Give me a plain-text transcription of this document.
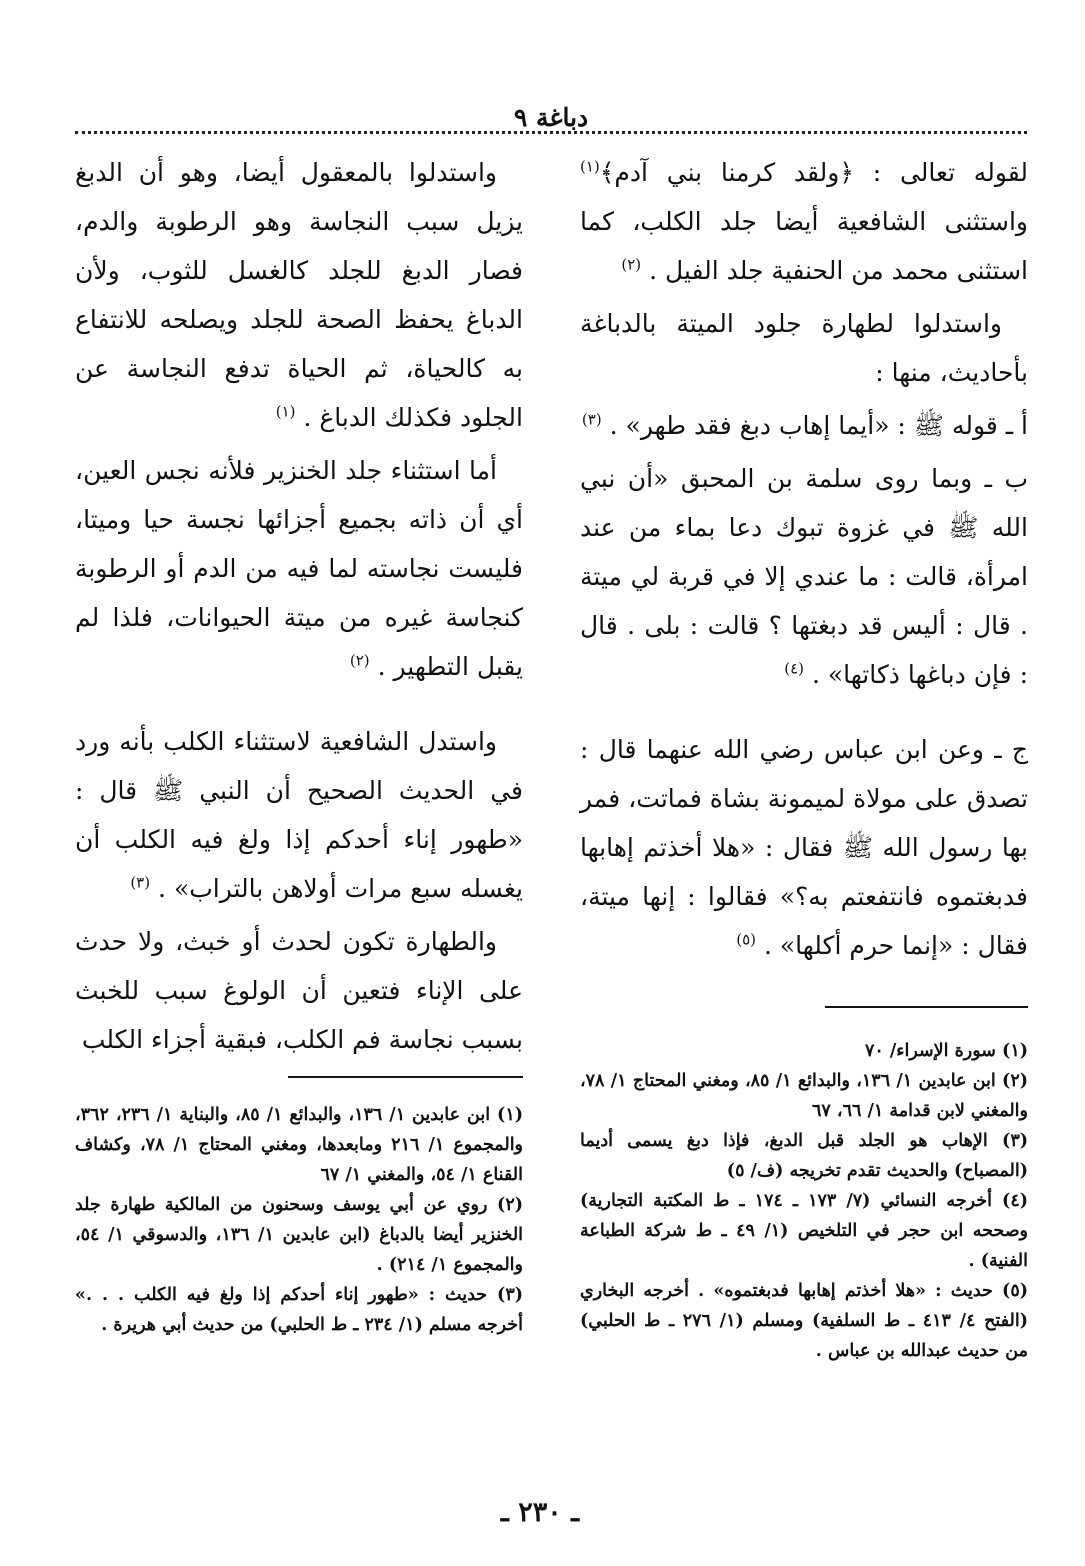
دباغة ٩

لقوله تعالى : ﴿ولقد كرمنا بني آدم﴾$^{(١)}$ واستثنى الشافعية أيضا جلد الكلب، كما استثنى محمد من الحنفية جلد الفيل . $^{(٢)}$

واستدلوا لطهارة جلود الميتة بالدباغة بأحاديث، منها :

أ ـ قوله ﷺ : «أيما إهاب دبغ فقد طهر» . $^{(٣)}$

ب ـ وبما روى سلمة بن المحبق «أن نبي الله ﷺ في غزوة تبوك دعا بماء من عند امرأة، قالت : ما عندي إلا في قربة لي ميتة . قال : أليس قد دبغتها ؟ قالت : بلى . قال : فإن دباغها ذكاتها» . $^{(٤)}$

ج ـ وعن ابن عباس رضي الله عنهما قال : تصدق على مولاة لميمونة بشاة فماتت، فمر بها رسول الله ﷺ فقال : «هلا أخذتم إهابها فدبغتموه فانتفعتم به؟» فقالوا : إنها ميتة، فقال : «إنما حرم أكلها» . $^{(٥)}$

واستدلوا بالمعقول أيضا، وهو أن الدبغ يزيل سبب النجاسة وهو الرطوبة والدم، فصار الدبغ للجلد كالغسل للثوب، ولأن الدباغ يحفظ الصحة للجلد ويصلحه للانتفاع به كالحياة، ثم الحياة تدفع النجاسة عن الجلود فكذلك الدباغ . $^{(١)}$

أما استثناء جلد الخنزير فلأنه نجس العين، أي أن ذاته بجميع أجزائها نجسة حيا وميتا، فليست نجاسته لما فيه من الدم أو الرطوبة كنجاسة غيره من ميتة الحيوانات، فلذا لم يقبل التطهير . $^{(٢)}$

واستدل الشافعية لاستثناء الكلب بأنه ورد في الحديث الصحيح أن النبي ﷺ قال : «طهور إناء أحدكم إذا ولغ فيه الكلب أن يغسله سبع مرات أولاهن بالتراب» . $^{(٣)}$

والطهارة تكون لحدث أو خبث، ولا حدث على الإناء فتعين أن الولوغ سبب للخبث بسبب نجاسة فم الكلب، فبقية أجزاء الكلب	(١) سورة الإسراء/ ٧٠

(٢) ابن عابدين ١/ ١٣٦، والبدائع ١/ ٨٥، ومغني المحتاج ١/ ٧٨، والمغني لابن قدامة ١/ ٦٦، ٦٧

(٣) الإهاب هو الجلد قبل الدبغ، فإذا دبغ يسمى أديما (المصباح) والحديث تقدم تخريجه (ف/ ٥)

(٤) أخرجه النسائي (٧/ ١٧٣ ـ ١٧٤ ـ ط المكتبة التجارية) وصححه ابن حجر في التلخيص (١/ ٤٩ ـ ط شركة الطباعة الفنية) .

(٥) حديث : «هلا أخذتم إهابها فدبغتموه» . أخرجه البخاري (الفتح ٤/ ٤١٣ ـ ط السلفية) ومسلم (١/ ٢٧٦ ـ ط الحلبي) من حديث عبدالله بن عباس .

(١) ابن عابدين ١/ ١٣٦، والبدائع ١/ ٨٥، والبناية ١/ ٢٣٦، ٣٦٢، والمجموع ١/ ٢١٦ ومابعدها، ومغني المحتاج ١/ ٧٨، وكشاف القناع ١/ ٥٤، والمغني ١/ ٦٧

(٢) روي عن أبي يوسف وسحنون من المالكية طهارة جلد الخنزير أيضا بالدباغ (ابن عابدين ١/ ١٣٦، والدسوقي ١/ ٥٤، والمجموع ١/ ٢١٤) .

(٣) حديث : «طهور إناء أحدكم إذا ولغ فيه الكلب . . .» أخرجه مسلم (١/ ٢٣٤ ـ ط الحلبي) من حديث أبي هريرة .

ـ ٢٣٠ ـ
